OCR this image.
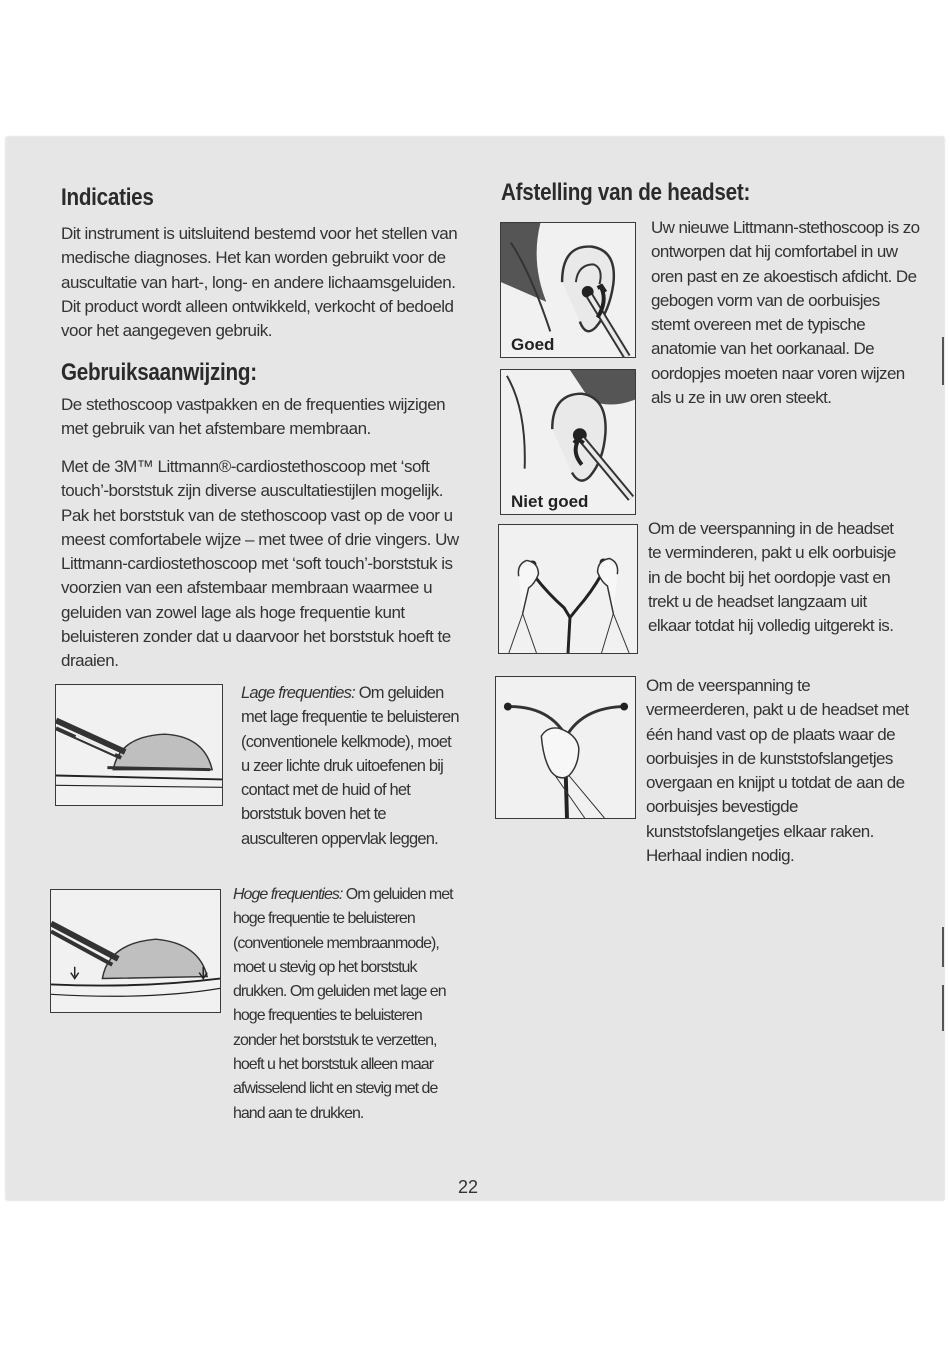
Indicaties

Dit instrument is uitsluitend bestemd voor het stellen van medische diagnoses. Het kan worden gebruikt voor de auscultatie van hart-, long- en andere lichaamsgeluiden. Dit product wordt alleen ontwikkeld, verkocht of bedoeld voor het aangegeven gebruik.

Gebruiksaanwijzing:

De stethoscoop vastpakken en de frequenties wijzigen met gebruik van het afstembare membraan.

Met de 3M™ Littmann®-cardiostethoscoop met ‘soft touch’-borststuk zijn diverse auscultatiestijlen mogelijk. Pak het borststuk van de stethoscoop vast op de voor u meest comfortabele wijze – met twee of drie vingers. Uw Littmann-cardiostethoscoop met ‘soft touch’-borststuk is voorzien van een afstembaar membraan waarmee u geluiden van zowel lage als hoge frequentie kunt beluisteren zonder dat u daarvoor het borststuk hoeft te draaien.

Lage frequenties: Om geluiden met lage frequentie te beluisteren (conventionele kelkmode), moet u zeer lichte druk uitoefenen bij contact met de huid of het borststuk boven het te ausculteren oppervlak leggen.

Hoge frequenties: Om geluiden met hoge frequentie te beluisteren (conventionele membraanmode), moet u stevig op het borststuk drukken. Om geluiden met lage en hoge frequenties te beluisteren zonder het borststuk te verzetten, hoeft u het borststuk alleen maar afwisselend licht en stevig met de hand aan te drukken.

Afstelling van de headset:
Goed
Niet goed

Uw nieuwe Littmann-stethoscoop is zo ontworpen dat hij comfortabel in uw oren past en ze akoestisch afdicht. De gebogen vorm van de oorbuisjes stemt overeen met de typische anatomie van het oorkanaal. De oordopjes moeten naar voren wijzen als u ze in uw oren steekt.

Om de veerspanning in de headset te verminderen, pakt u elk oorbuisje in de bocht bij het oordopje vast en trekt u de headset langzaam uit elkaar totdat hij volledig uitgerekt is.

Om de veerspanning te vermeerderen, pakt u de headset met één hand vast op de plaats waar de oorbuisjes in de kunststofslangetjes overgaan en knijpt u totdat de aan de oorbuisjes bevestigde kunststofslangetjes elkaar raken. Herhaal indien nodig.

22
